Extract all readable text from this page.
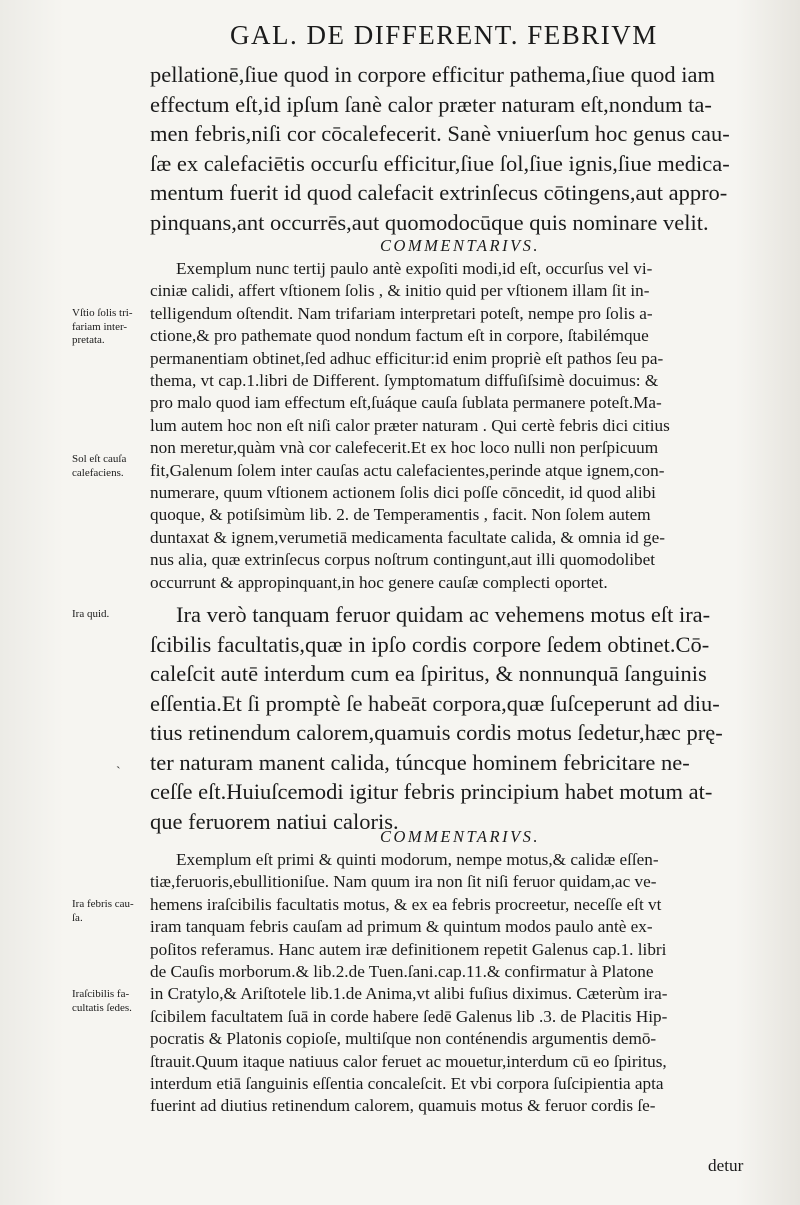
GAL. DE DIFFERENT. FEBRIVM
pellationē,ſiue quod in corpore efficitur pathema,ſiue quod iam
effectum eſt,id ipſum ſanè calor præter naturam eſt,nondum ta-
men febris,niſi cor cōcalefecerit. Sanè vniuerſum hoc genus cau-
ſæ ex calefaciētis occurſu efficitur,ſiue ſol,ſiue ignis,ſiue medica-
mentum fuerit id quod calefacit extrinſecus cōtingens,aut appro-
pinquans,ant occurrēs,aut quomodocūque quis nominare velit.
COMMENTARIVS.
Exemplum nunc tertij paulo antè expoſiti modi,id eſt, occurſus vel vi-
ciniæ calidi, affert vſtionem ſolis , & initio quid per vſtionem illam ſit in-
telligendum oſtendit. Nam trifariam interpretari poteſt, nempe pro ſolis a-
ctione,& pro pathemate quod nondum factum eſt in corpore, ſtabilémque
permanentiam obtinet,ſed adhuc efficitur:id enim propriè eſt pathos ſeu pa-
thema, vt cap.1.libri de Different. ſymptomatum diffuſiſsimè docuimus: &
pro malo quod iam effectum eſt,ſuáque cauſa ſublata permanere poteſt.Ma-
lum autem hoc non eſt niſi calor præter naturam . Qui certè febris dici citius
non meretur,quàm vnà cor calefecerit.Et ex hoc loco nulli non perſpicuum
fit,Galenum ſolem inter cauſas actu calefacientes,perinde atque ignem,con-
numerare, quum vſtionem actionem ſolis dici poſſe cōncedit, id quod alibi
quoque, & potiſsimùm lib. 2. de Temperamentis , facit. Non ſolem autem
duntaxat & ignem,verumetiā medicamenta facultate calida, & omnia id ge-
nus alia, quæ extrinſecus corpus noſtrum contingunt,aut illi quomodolibet
occurrunt & appropinquant,in hoc genere cauſæ complecti oportet.
Ira verò tanquam feruor quidam ac vehemens motus eſt ira-
ſcibilis facultatis,quæ in ipſo cordis corpore ſedem obtinet.Cō-
caleſcit autē interdum cum ea ſpiritus, & nonnunquā ſanguinis
eſſentia.Et ſi promptè ſe habeāt corpora,quæ ſuſceperunt ad diu-
tius retinendum calorem,quamuis cordis motus ſedetur,hæc prę-
ter naturam manent calida, túncque hominem febricitare ne-
ceſſe eſt.Huiuſcemodi igitur febris principium habet motum at-
que feruorem natiui caloris.
COMMENTARIVS.
Exemplum eſt primi & quinti modorum, nempe motus,& calidæ eſſen-
tiæ,feruoris,ebullitioniſue. Nam quum ira non ſit niſi feruor quidam,ac ve-
hemens iraſcibilis facultatis motus, & ex ea febris procreetur, neceſſe eſt vt
iram tanquam febris cauſam ad primum & quintum modos paulo antè ex-
poſitos referamus. Hanc autem iræ definitionem repetit Galenus cap.1. libri
de Cauſis morborum.& lib.2.de Tuen.ſani.cap.11.& confirmatur à Platone
in Cratylo,& Ariſtotele lib.1.de Anima,vt alibi fuſius diximus. Cæterùm ira-
ſcibilem facultatem ſuā in corde habere ſedē Galenus lib .3. de Placitis Hip-
pocratis & Platonis copioſe, multiſque non conténendis argumentis demō-
ſtrauit.Quum itaque natiuus calor feruet ac mouetur,interdum cū eo ſpiritus,
interdum etiā ſanguinis eſſentia concaleſcit. Et vbi corpora ſuſcipientia apta
fuerint ad diutius retinendum calorem, quamuis motus & feruor cordis ſe-
detur
Vſtio ſolis tri-
fariam inter-
pretata.
Sol eſt cauſa
calefaciens.
Ira quid.
Ira febris cau-
ſa.
Iraſcibilis fa-
cultatis ſedes.
`
